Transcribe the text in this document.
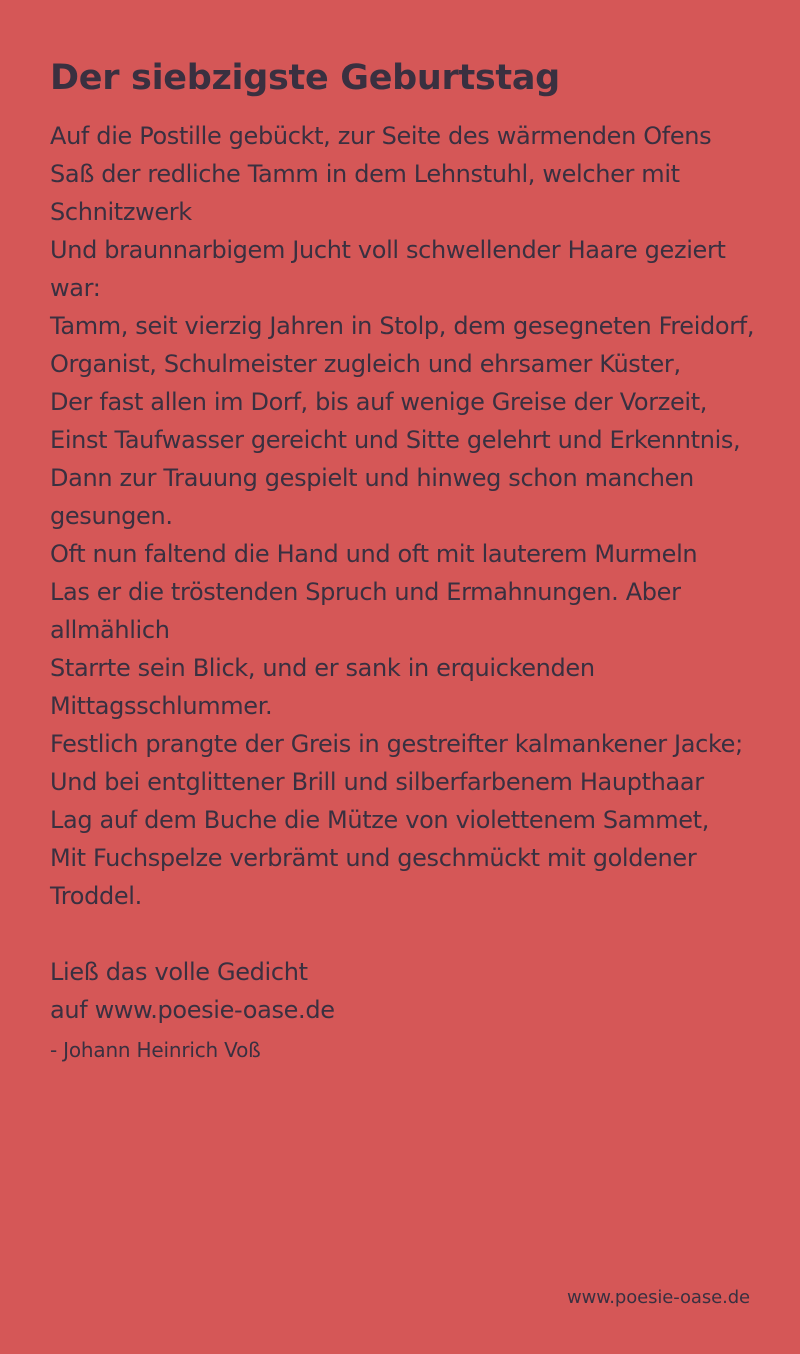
Der siebzigste Geburtstag
Auf die Postille gebückt, zur Seite des wärmenden Ofens
Saß der redliche Tamm in dem Lehnstuhl, welcher mit Schnitzwerk
Und braunnarbigem Jucht voll schwellender Haare geziert war:
Tamm, seit vierzig Jahren in Stolp, dem gesegneten Freidorf,
Organist, Schulmeister zugleich und ehrsamer Küster,
Der fast allen im Dorf, bis auf wenige Greise der Vorzeit,
Einst Taufwasser gereicht und Sitte gelehrt und Erkenntnis,
Dann zur Trauung gespielt und hinweg schon manchen gesungen.
Oft nun faltend die Hand und oft mit lauterem Murmeln
Las er die tröstenden Spruch und Ermahnungen. Aber allmählich
Starrte sein Blick, und er sank in erquickenden Mittagsschlummer.
Festlich prangte der Greis in gestreifter kalmankener Jacke;
Und bei entglittener Brill und silberfarbenem Haupthaar
Lag auf dem Buche die Mütze von violettenem Sammet,
Mit Fuchspelze verbrämt und geschmückt mit goldener Troddel.
Ließ das volle Gedicht
auf www.poesie-oase.de
- Johann Heinrich Voß
www.poesie-oase.de
